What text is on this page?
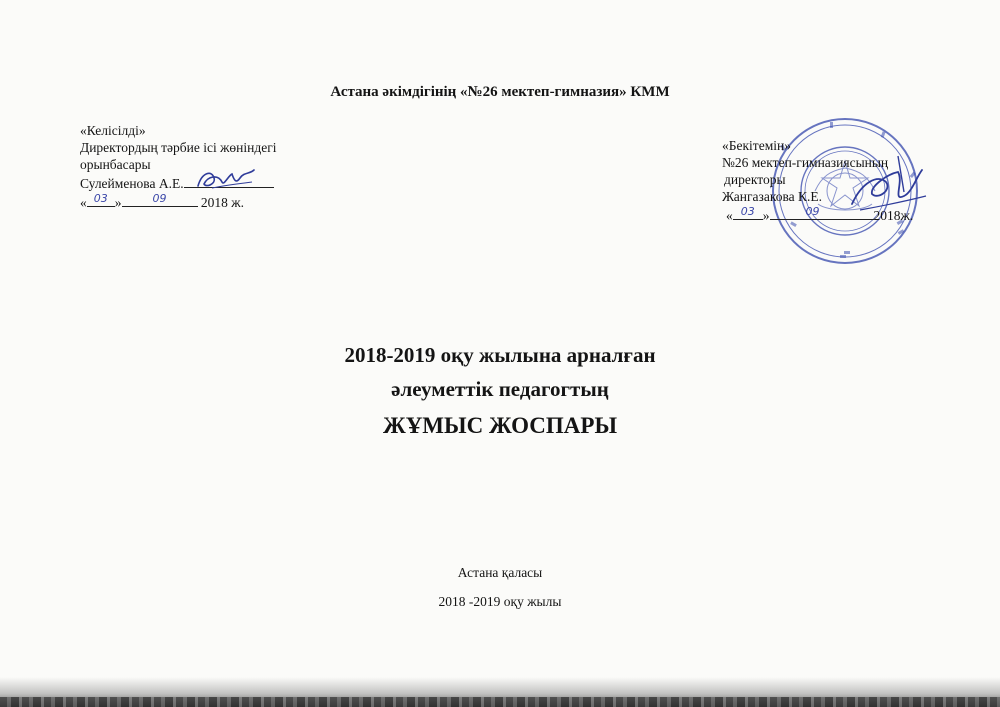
Астана әкімдігінің «№26 мектеп-гимназия» КММ
«Келісілді»
Директордың тәрбие ісі жөніндегі
орынбасары
Сулейменова А.Е.
« 03 »	09	2018 ж.
«Бекітемін»
№26 мектеп-гимназиясының
директоры
Жангазакова К.Е.
« 03 »	09	2018ж.
2018-2019 оқу жылына арналған
әлеуметтік педагогтың
ЖҰМЫС ЖОСПАРЫ
Астана қаласы
2018 -2019 оқу жылы
